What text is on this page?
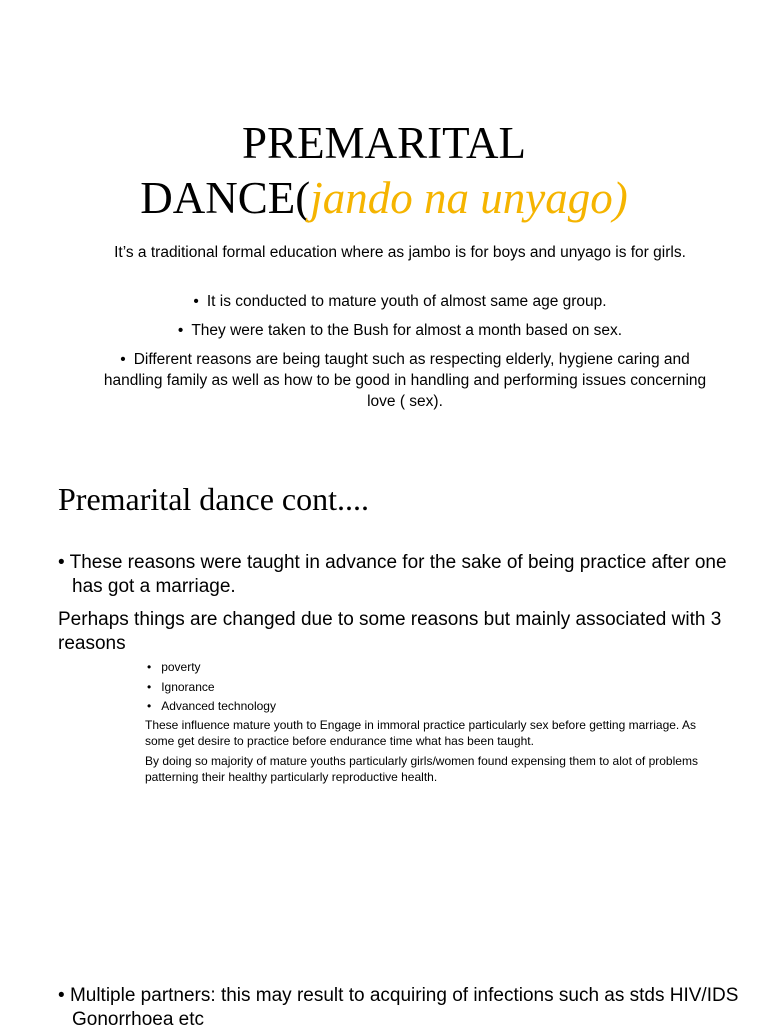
PREMARITAL
DANCE(jando na unyago)
It’s a traditional formal education where as jambo is for boys and unyago is for girls.
• It is conducted to mature youth of almost same age group.
• They were taken to the Bush for almost a month based on sex.
• Different reasons are being taught such as respecting elderly, hygiene caring and handling family as well as how to be good in handling and performing issues concerning love ( sex).
Premarital dance cont....
• These reasons were taught in advance for the sake of being practice after one has got a marriage.
Perhaps things are changed due to some reasons but mainly associated with 3 reasons
•   poverty
•   Ignorance
•   Advanced technology
These influence mature youth to Engage in immoral practice particularly sex before getting marriage. As some get desire to practice before endurance time what has been taught.
By doing so majority of mature youths particularly girls/women found expensing them to alot of problems patterning their healthy particularly reproductive health.
• Multiple partners: this may result to acquiring of infections such as stds HIV/IDS Gonorrhoea etc
